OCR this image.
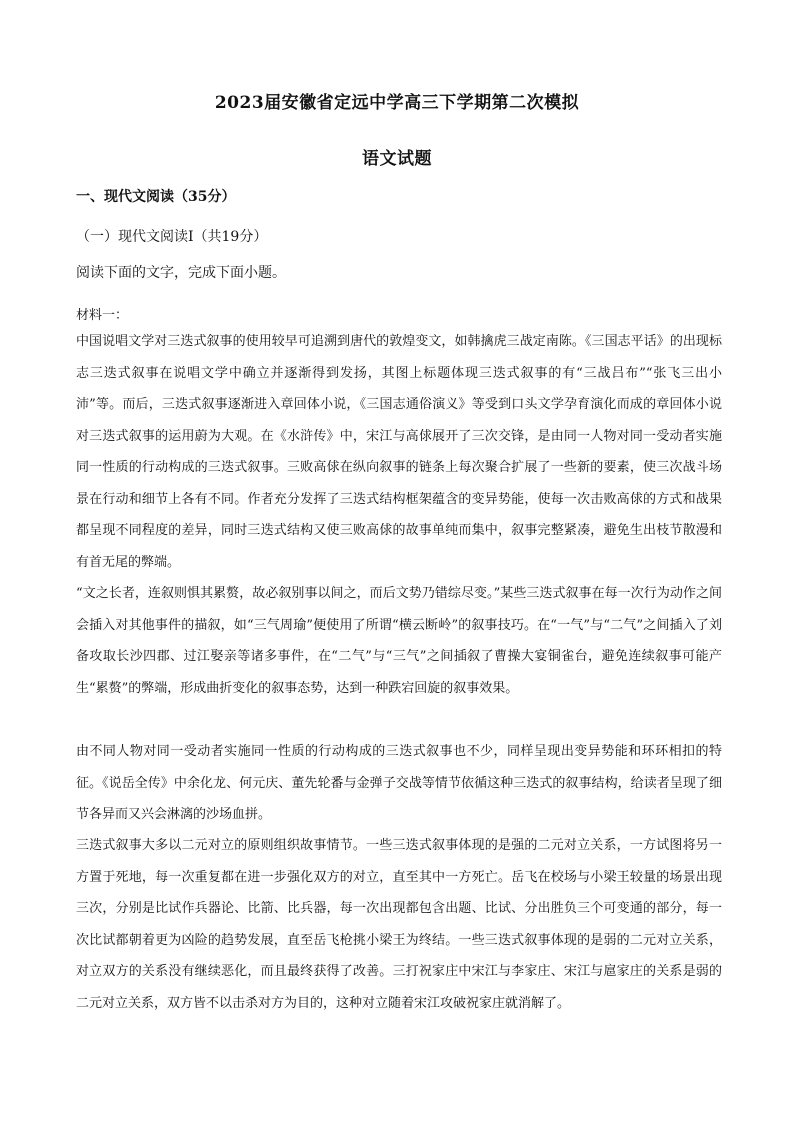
2023届安徽省定远中学高三下学期第二次模拟
语文试题
一、现代文阅读（35分）
（一）现代文阅读Ⅰ（共19分）
阅读下面的文字，完成下面小题。
材料一：
中国说唱文学对三迭式叙事的使用较早可追溯到唐代的敦煌变文，如韩擒虎三战定南陈。《三国志平话》的出现标志三迭式叙事在说唱文学中确立并逐渐得到发扬，其图上标题体现三迭式叙事的有“三战吕布”“张飞三出小沛”等。而后，三迭式叙事逐渐进入章回体小说，《三国志通俗演义》等受到口头文学孕育演化而成的章回体小说对三迭式叙事的运用蔚为大观。在《水浒传》中，宋江与高俅展开了三次交锋，是由同一人物对同一受动者实施同一性质的行动构成的三迭式叙事。三败高俅在纵向叙事的链条上每次聚合扩展了一些新的要素，使三次战斗场景在行动和细节上各有不同。作者充分发挥了三迭式结构框架蕴含的变异势能，使每一次击败高俅的方式和战果都呈现不同程度的差异，同时三迭式结构又使三败高俅的故事单纯而集中，叙事完整紧凑，避免生出枝节散漫和有首无尾的弊端。
“文之长者，连叙则惧其累赘，故必叙别事以间之，而后文势乃错综尽变。”某些三迭式叙事在每一次行为动作之间会插入对其他事件的描叙，如“三气周瑜”便使用了所谓“横云断岭”的叙事技巧。在“一气”与“二气”之间插入了刘备攻取长沙四郡、过江娶亲等诸多事件，在“二气”与“三气”之间插叙了曹操大宴铜雀台，避免连续叙事可能产生“累赘”的弊端，形成曲折变化的叙事态势，达到一种跌宕回旋的叙事效果。
由不同人物对同一受动者实施同一性质的行动构成的三迭式叙事也不少，同样呈现出变异势能和环环相扣的特征。《说岳全传》中余化龙、何元庆、董先轮番与金弹子交战等情节依循这种三迭式的叙事结构，给读者呈现了细节各异而又兴会淋漓的沙场血拼。
三迭式叙事大多以二元对立的原则组织故事情节。一些三迭式叙事体现的是强的二元对立关系，一方试图将另一方置于死地，每一次重复都在进一步强化双方的对立，直至其中一方死亡。岳飞在校场与小梁王较量的场景出现三次，分别是比试作兵器论、比箭、比兵器，每一次出现都包含出题、比试、分出胜负三个可变通的部分，每一次比试都朝着更为凶险的趋势发展，直至岳飞枪挑小梁王为终结。一些三迭式叙事体现的是弱的二元对立关系，对立双方的关系没有继续恶化，而且最终获得了改善。三打祝家庄中宋江与李家庄、宋江与扈家庄的关系是弱的二元对立关系，双方皆不以击杀对方为目的，这种对立随着宋江攻破祝家庄就消解了。
